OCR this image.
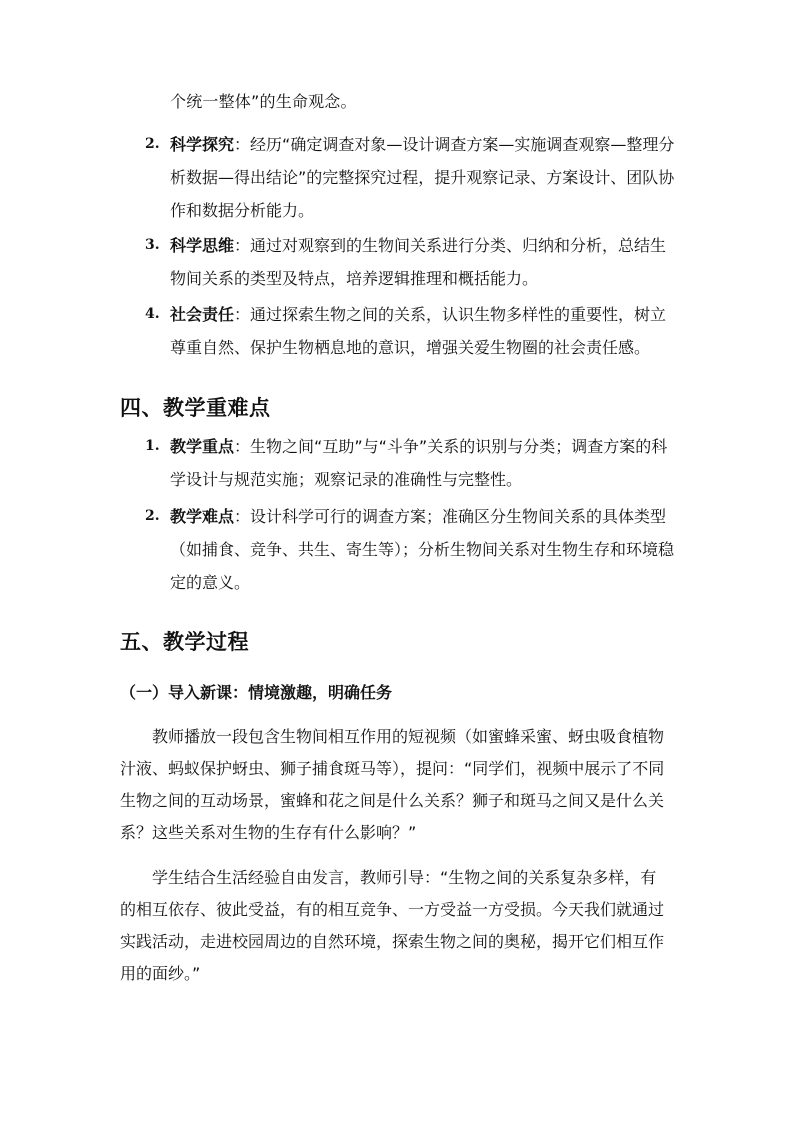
个统一整体”的生命观念。
2. 科学探究：经历“确定调查对象—设计调查方案—实施调查观察—整理分析数据—得出结论”的完整探究过程，提升观察记录、方案设计、团队协作和数据分析能力。
3. 科学思维：通过对观察到的生物间关系进行分类、归纳和分析，总结生物间关系的类型及特点，培养逻辑推理和概括能力。
4. 社会责任：通过探索生物之间的关系，认识生物多样性的重要性，树立尊重自然、保护生物栖息地的意识，增强关爱生物圈的社会责任感。
四、教学重难点
1. 教学重点：生物之间“互助”与“斗争”关系的识别与分类；调查方案的科学设计与规范实施；观察记录的准确性与完整性。
2. 教学难点：设计科学可行的调查方案；准确区分生物间关系的具体类型（如捕食、竞争、共生、寄生等）；分析生物间关系对生物生存和环境稳定的意义。
五、教学过程
（一）导入新课：情境激趣，明确任务
教师播放一段包含生物间相互作用的短视频（如蜜蜂采蜜、蚜虫吸食植物汁液、蚂蚁保护蚜虫、狮子捕食斑马等），提问：“同学们，视频中展示了不同生物之间的互动场景，蜜蜂和花之间是什么关系？狮子和斑马之间又是什么关系？这些关系对生物的生存有什么影响？”
学生结合生活经验自由发言，教师引导：“生物之间的关系复杂多样，有的相互依存、彼此受益，有的相互竞争、一方受益一方受损。今天我们就通过实践活动，走进校园周边的自然环境，探索生物之间的奥秘，揭开它们相互作用的面纱。”
